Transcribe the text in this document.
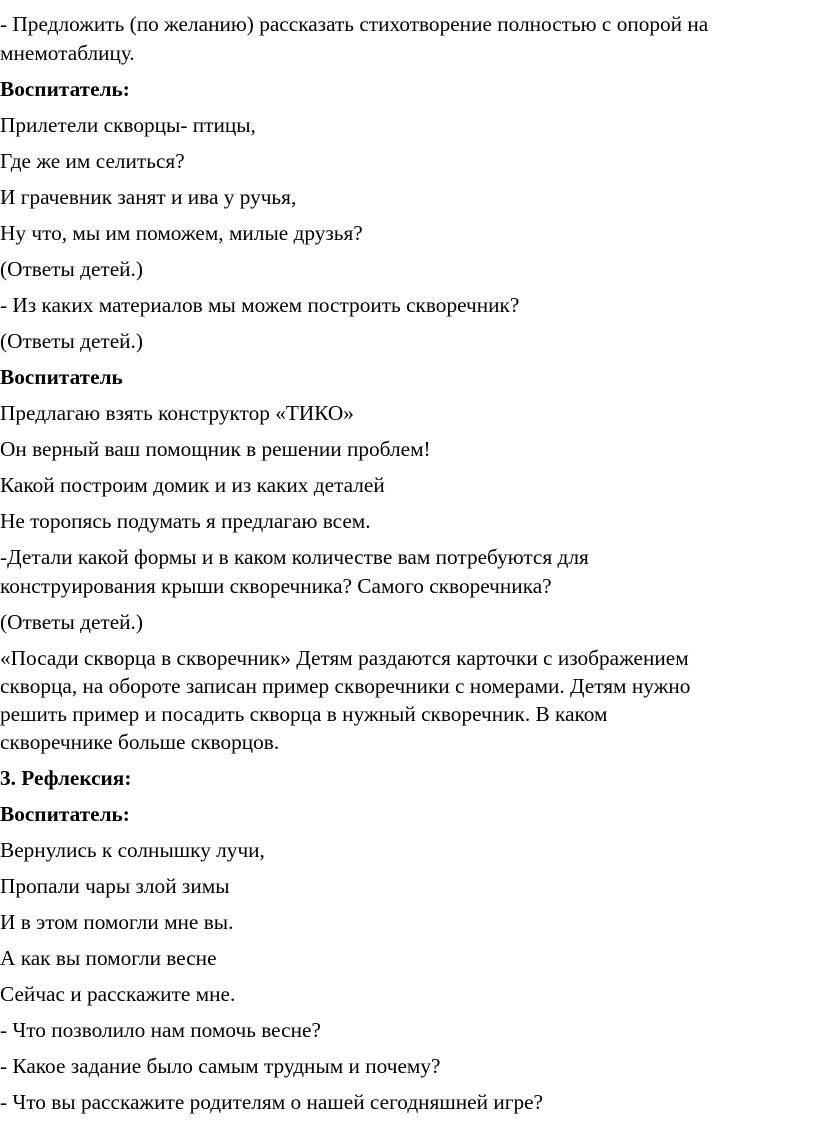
- Предложить (по желанию) рассказать стихотворение полностью с опорой на
мнемотаблицу.
Воспитатель:
Прилетели скворцы- птицы,
Где же им селиться?
И грачевник занят и ива у ручья,
Ну что, мы им поможем, милые друзья?
(Ответы детей.)
- Из каких материалов мы можем построить скворечник?
(Ответы детей.)
Воспитатель
Предлагаю взять конструктор «ТИКО»
Он верный ваш помощник в решении проблем!
Какой построим домик и из каких деталей
Не торопясь подумать я предлагаю всем.
-Детали какой формы и в каком количестве вам потребуются для
конструирования крыши скворечника? Самого скворечника?
(Ответы детей.)
«Посади скворца в скворечник» Детям раздаются карточки с изображением
скворца, на обороте записан пример скворечники с номерами. Детям нужно
решить пример и посадить скворца в нужный скворечник. В каком
скворечнике больше скворцов.
3. Рефлексия:
Воспитатель:
Вернулись к солнышку лучи,
Пропали чары злой зимы
И в этом помогли мне вы.
А как вы помогли весне
Сейчас и расскажите мне.
- Что позволило нам помочь весне?
- Какое задание было самым трудным и почему?
- Что вы расскажите родителям о нашей сегодняшней игре?
